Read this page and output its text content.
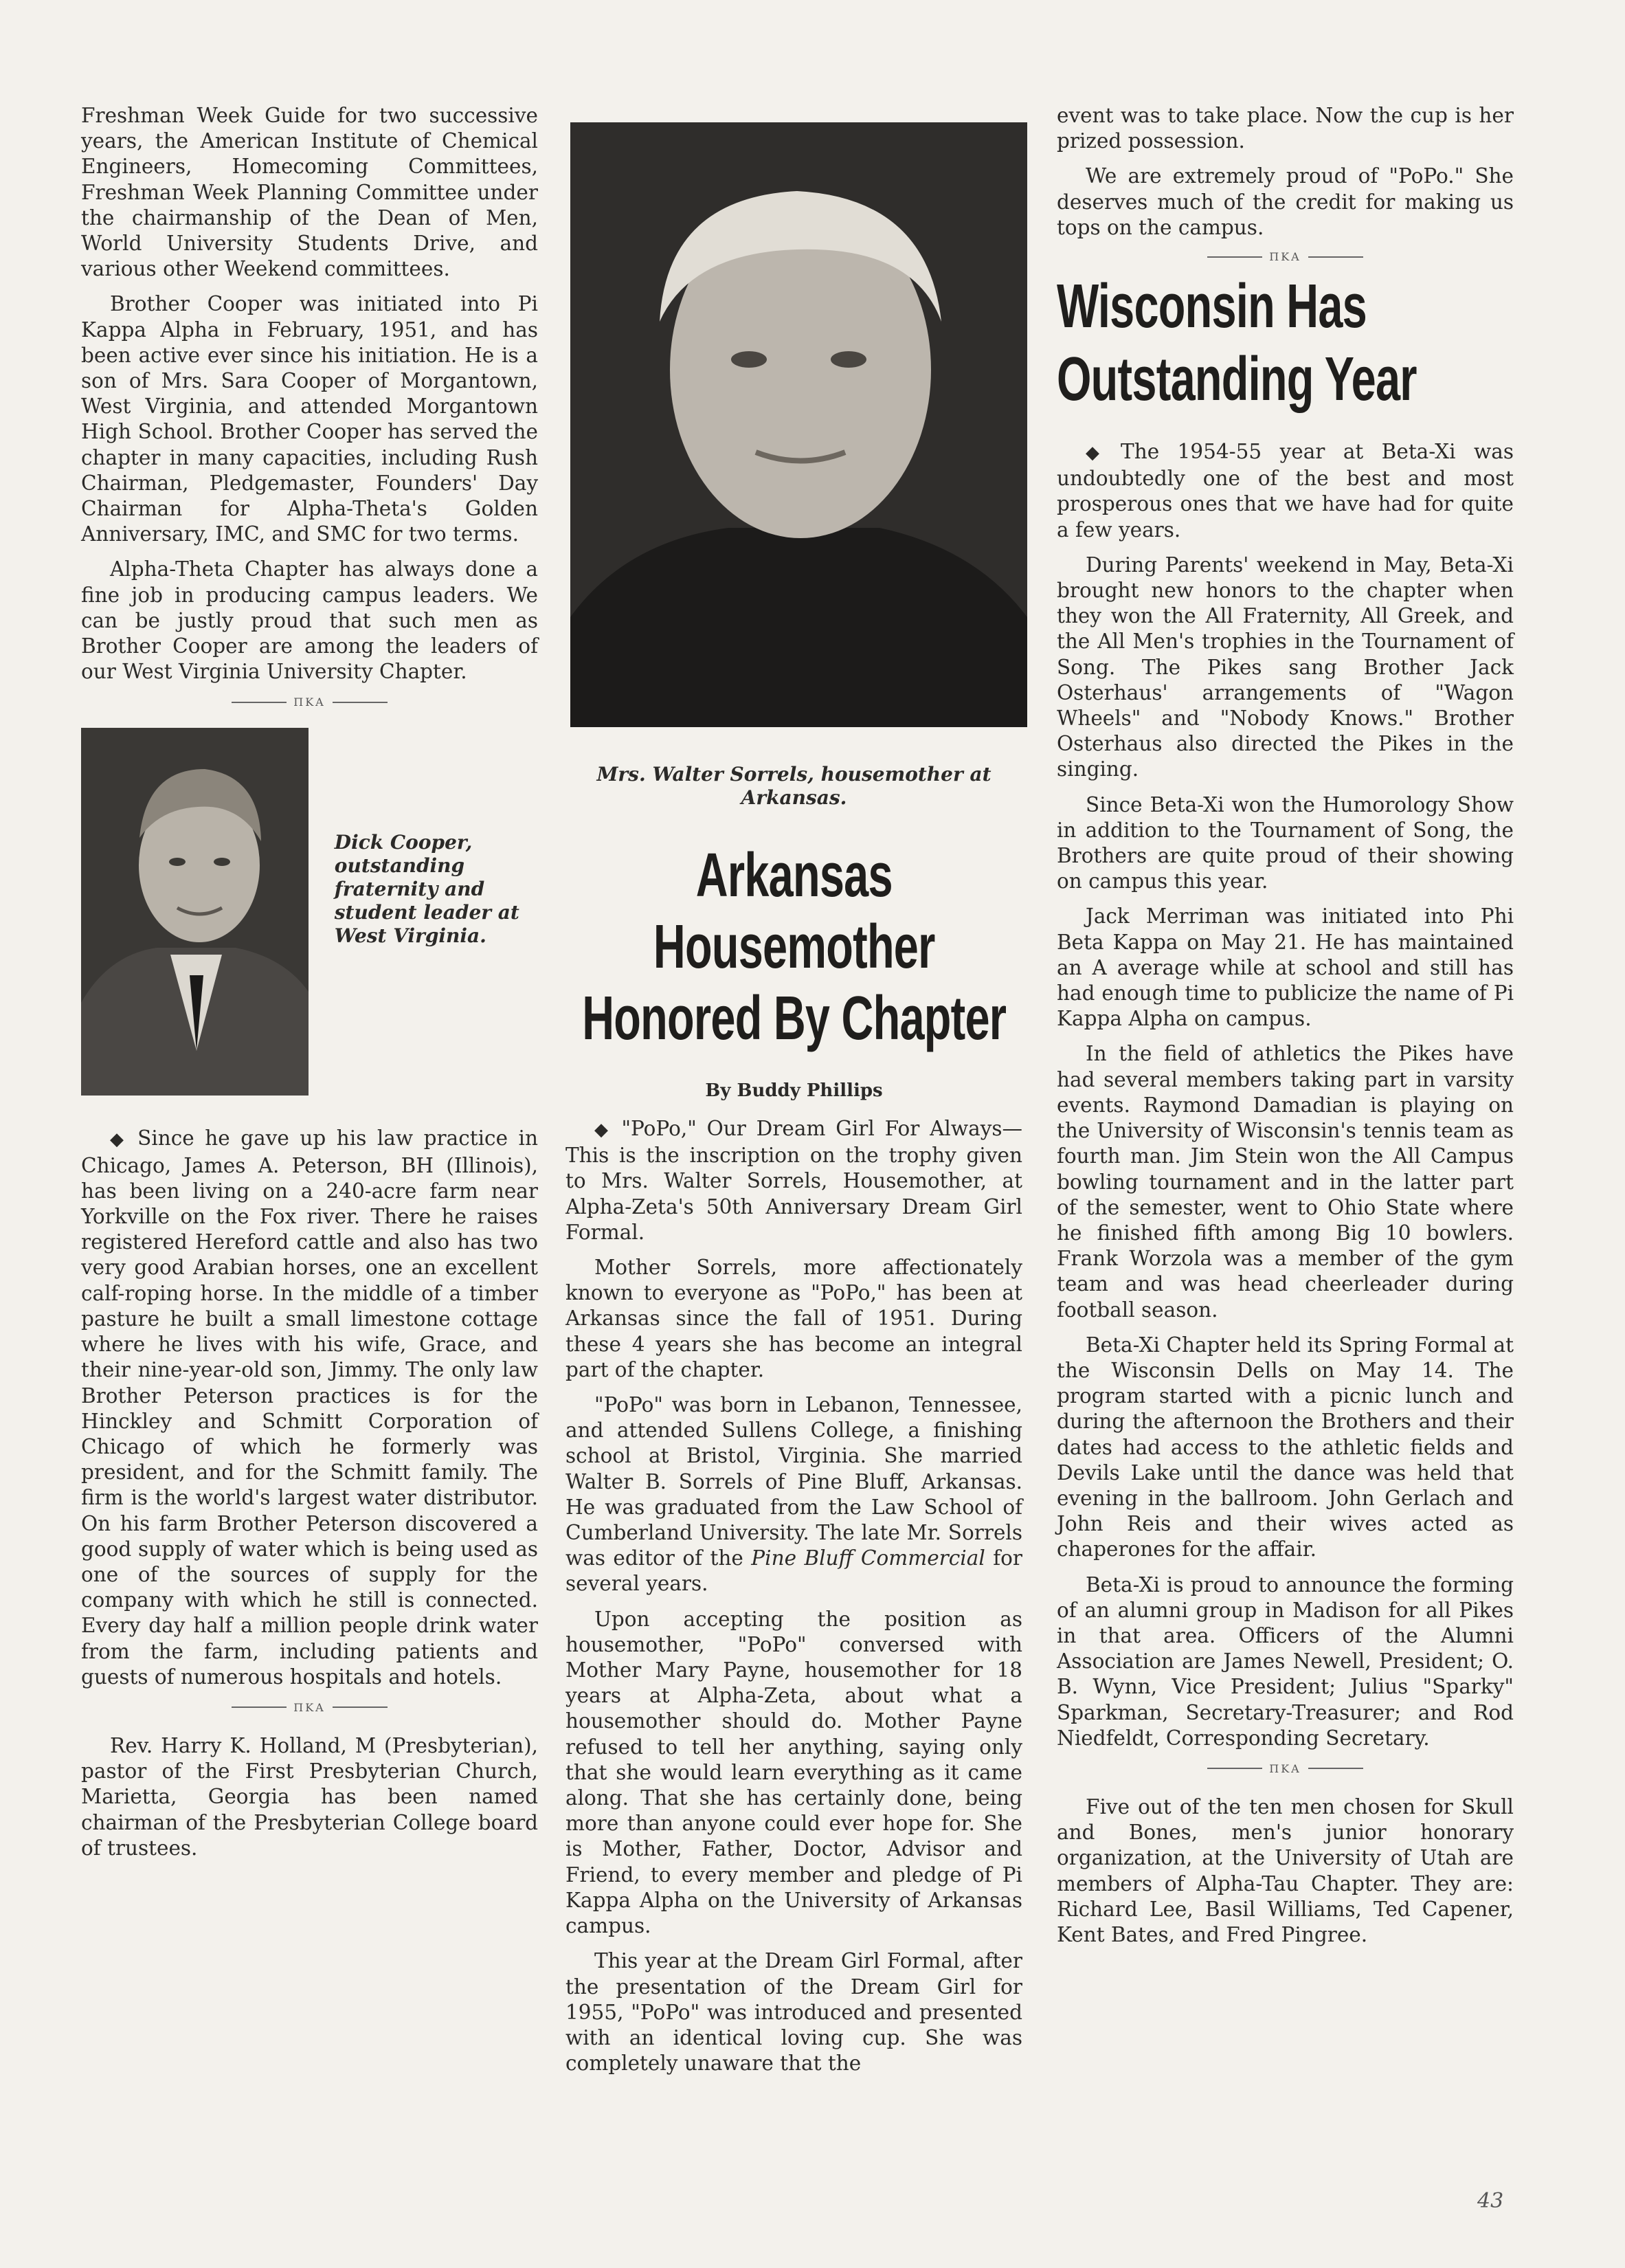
Freshman Week Guide for two successive years, the American Institute of Chemical Engineers, Homecoming Committees, Freshman Week Planning Committee under the chairmanship of the Dean of Men, World University Students Drive, and various other Weekend committees.

Brother Cooper was initiated into Pi Kappa Alpha in February, 1951, and has been active ever since his initiation. He is a son of Mrs. Sara Cooper of Morgantown, West Virginia, and attended Morgantown High School. Brother Cooper has served the chapter in many capacities, including Rush Chairman, Pledgemaster, Founders' Day Chairman for Alpha-Theta's Golden Anniversary, IMC, and SMC for two terms.

Alpha-Theta Chapter has always done a fine job in producing campus leaders. We can be justly proud that such men as Brother Cooper are among the leaders of our West Virginia University Chapter.

ΠΚΑ
Dick Cooper, outstanding fraternity and student leader at West Virginia.

◆ Since he gave up his law practice in Chicago, James A. Peterson, BH (Illinois), has been living on a 240-acre farm near Yorkville on the Fox river. There he raises registered Hereford cattle and also has two very good Arabian horses, one an excellent calf-roping horse. In the middle of a timber pasture he built a small limestone cottage where he lives with his wife, Grace, and their nine-year-old son, Jimmy. The only law Brother Peterson practices is for the Hinckley and Schmitt Corporation of Chicago of which he formerly was president, and for the Schmitt family. The firm is the world's largest water distributor. On his farm Brother Peterson discovered a good supply of water which is being used as one of the sources of supply for the company with which he still is connected. Every day half a million people drink water from the farm, including patients and guests of numerous hospitals and hotels.

ΠΚΑ

Rev. Harry K. Holland, M (Presbyterian), pastor of the First Presbyterian Church, Marietta, Georgia has been named chairman of the Presbyterian College board of trustees.

Mrs. Walter Sorrels, housemother at Arkansas.
Arkansas Housemother Honored By Chapter
By Buddy Phillips

◆ "PoPo," Our Dream Girl For Always—This is the inscription on the trophy given to Mrs. Walter Sorrels, Housemother, at Alpha-Zeta's 50th Anniversary Dream Girl Formal.

Mother Sorrels, more affectionately known to everyone as "PoPo," has been at Arkansas since the fall of 1951. During these 4 years she has become an integral part of the chapter.

"PoPo" was born in Lebanon, Tennessee, and attended Sullens College, a finishing school at Bristol, Virginia. She married Walter B. Sorrels of Pine Bluff, Arkansas. He was graduated from the Law School of Cumberland University. The late Mr. Sorrels was editor of the Pine Bluff Commercial for several years.

Upon accepting the position as housemother, "PoPo" conversed with Mother Mary Payne, housemother for 18 years at Alpha-Zeta, about what a housemother should do. Mother Payne refused to tell her anything, saying only that she would learn everything as it came along. That she has certainly done, being more than anyone could ever hope for. She is Mother, Father, Doctor, Advisor and Friend, to every member and pledge of Pi Kappa Alpha on the University of Arkansas campus.

This year at the Dream Girl Formal, after the presentation of the Dream Girl for 1955, "PoPo" was introduced and presented with an identical loving cup. She was completely unaware that the

event was to take place. Now the cup is her prized possession.

We are extremely proud of "PoPo." She deserves much of the credit for making us tops on the campus.

ΠΚΑ
Wisconsin Has Outstanding Year

◆ The 1954-55 year at Beta-Xi was undoubtedly one of the best and most prosperous ones that we have had for quite a few years.

During Parents' weekend in May, Beta-Xi brought new honors to the chapter when they won the All Fraternity, All Greek, and the All Men's trophies in the Tournament of Song. The Pikes sang Brother Jack Osterhaus' arrangements of "Wagon Wheels" and "Nobody Knows." Brother Osterhaus also directed the Pikes in the singing.

Since Beta-Xi won the Humorology Show in addition to the Tournament of Song, the Brothers are quite proud of their showing on campus this year.

Jack Merriman was initiated into Phi Beta Kappa on May 21. He has maintained an A average while at school and still has had enough time to publicize the name of Pi Kappa Alpha on campus.

In the field of athletics the Pikes have had several members taking part in varsity events. Raymond Damadian is playing on the University of Wisconsin's tennis team as fourth man. Jim Stein won the All Campus bowling tournament and in the latter part of the semester, went to Ohio State where he finished fifth among Big 10 bowlers. Frank Worzola was a member of the gym team and was head cheerleader during football season.

Beta-Xi Chapter held its Spring Formal at the Wisconsin Dells on May 14. The program started with a picnic lunch and during the afternoon the Brothers and their dates had access to the athletic fields and Devils Lake until the dance was held that evening in the ballroom. John Gerlach and John Reis and their wives acted as chaperones for the affair.

Beta-Xi is proud to announce the forming of an alumni group in Madison for all Pikes in that area. Officers of the Alumni Association are James Newell, President; O. B. Wynn, Vice President; Julius "Sparky" Sparkman, Secretary-Treasurer; and Rod Niedfeldt, Corresponding Secretary.

ΠΚΑ

Five out of the ten men chosen for Skull and Bones, men's junior honorary organization, at the University of Utah are members of Alpha-Tau Chapter. They are: Richard Lee, Basil Williams, Ted Capener, Kent Bates, and Fred Pingree.

43
